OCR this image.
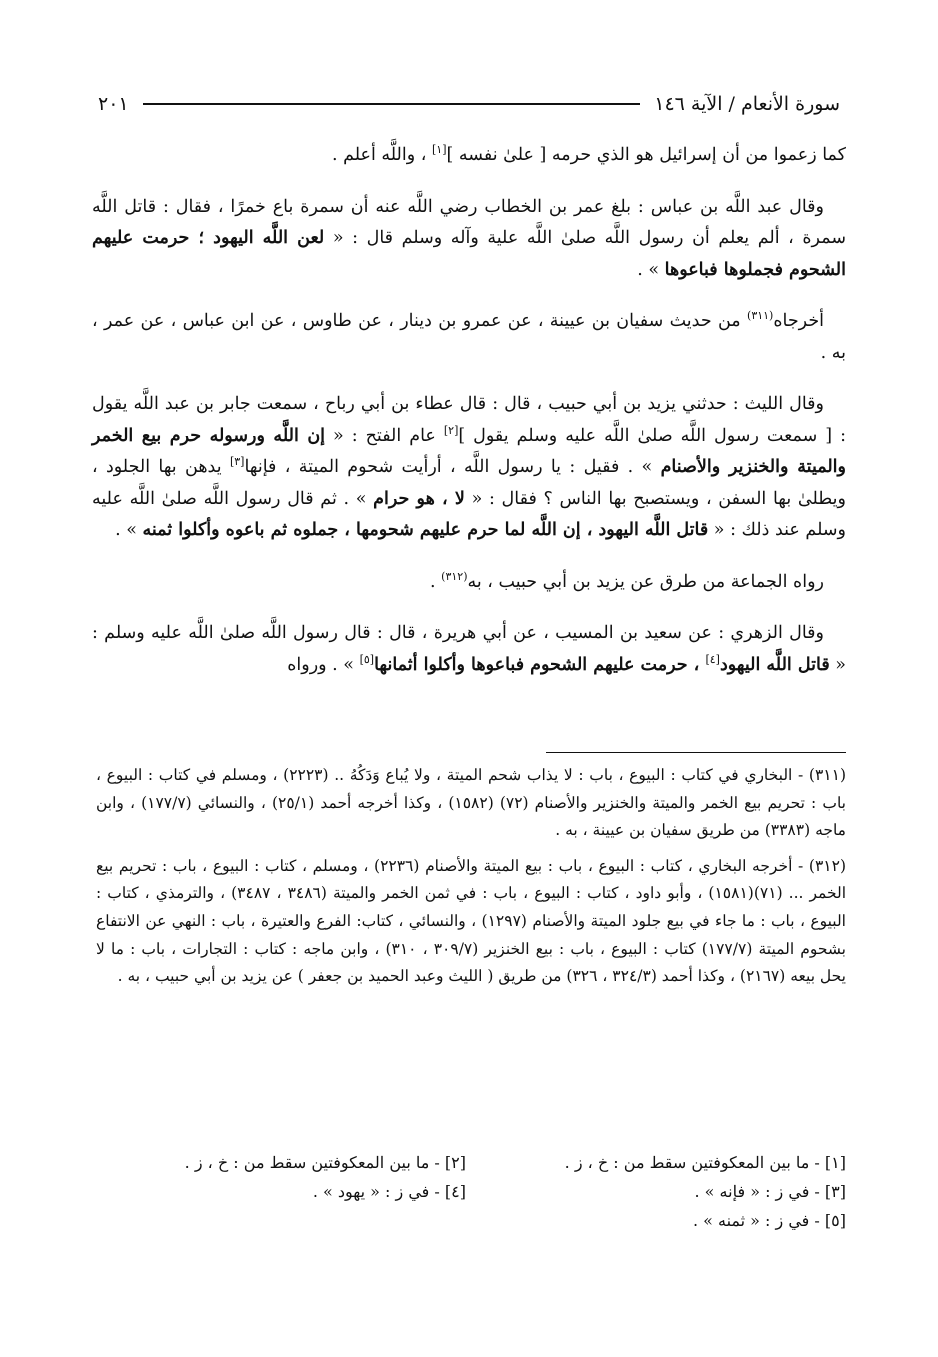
سورة الأنعام / الآية ١٤٦
٢٠١

كما زعموا من أن إسرائيل هو الذي حرمه [ علىٰ نفسه ][١] ، واللَّه أعلم .

وقال عبد اللَّه بن عباس : بلغ عمر بن الخطاب رضي اللَّه عنه أن سمرة باع خمرًا ، فقال : قاتل اللَّه سمرة ، ألم يعلم أن رسول اللَّه صلىٰ اللَّه علية وآله وسلم قال : « لعن اللَّه اليهود ؛ حرمت عليهم الشحوم فجملوها فباعوها » .

أخرجاه$^{(٣١١)}$ من حديث سفيان بن عيينة ، عن عمرو بن دينار ، عن طاوس ، عن ابن عباس ، عن عمر ، به .

وقال الليث : حدثني يزيد بن أبي حبيب ، قال : قال عطاء بن أبي رباح ، سمعت جابر بن عبد اللَّه يقول : [ سمعت رسول اللَّه صلىٰ اللَّه عليه وسلم يقول ][٢] عام الفتح : « إن اللَّه ورسوله حرم بيع الخمر والميتة والخنزير والأصنام » . فقيل : يا رسول اللَّه ، أرأيت شحوم الميتة ، فإنها[٣] يدهن بها الجلود ، ويطلىٰ بها السفن ، ويستصبح بها الناس ؟ فقال : « لا ، هو حرام » . ثم قال رسول اللَّه صلىٰ اللَّه عليه وسلم عند ذلك : « قاتل اللَّه اليهود ، إن اللَّه لما حرم عليهم شحومها ، جملوه ثم باعوه وأكلوا ثمنه » .

رواه الجماعة من طرق عن يزيد بن أبي حبيب ، به$^{(٣١٢)}$ .

وقال الزهري : عن سعيد بن المسيب ، عن أبي هريرة ، قال : قال رسول اللَّه صلىٰ اللَّه عليه وسلم : « قاتل اللَّه اليهود[٤] ، حرمت عليهم الشحوم فباعوها وأكلوا أثمانها[٥] » . ورواه

(٣١١) - البخاري في كتاب : البيوع ، باب : لا يذاب شحم الميتة ، ولا يُباع وَدَكُهُ .. (٢٢٢٣) ، ومسلم في كتاب : البيوع ، باب : تحريم بيع الخمر والميتة والخنزير والأصنام (٧٢) (١٥٨٢) ، وكذا أخرجه أحمد (٢٥/١) ، والنسائي (١٧٧/٧) ، وابن ماجه (٣٣٨٣) من طريق سفيان بن عيينة ، به .
(٣١٢) - أخرجه البخاري ، كتاب : البيوع ، باب : بيع الميتة والأصنام (٢٢٣٦) ، ومسلم ، كتاب : البيوع ، باب : تحريم بيع الخمر ... (٧١)(١٥٨١) ، وأبو داود ، كتاب : البيوع ، باب : في ثمن الخمر والميتة (٣٤٨٦ ، ٣٤٨٧) ، والترمذي ، كتاب : البيوع ، باب : ما جاء في بيع جلود الميتة والأصنام (١٢٩٧) ، والنسائي ، كتاب: الفرع والعتيرة ، باب : النهي عن الانتفاع بشحوم الميتة (١٧٧/٧) كتاب : البيوع ، باب : بيع الخنزير (٣٠٩/٧ ، ٣١٠) ، وابن ماجه : كتاب : التجارات ، باب : ما لا يحل بيعه (٢١٦٧) ، وكذا أحمد (٣٢٤/٣ ، ٣٢٦) من طريق ( الليث وعبد الحميد بن جعفر ) عن يزيد بن أبي حبيب ، به .
[١] - ما بين المعكوفتين سقط من : خ ، ز .
[٢] - ما بين المعكوفتين سقط من : خ ، ز .
[٣] - في ز : « فإنه » .
[٤] - في ز : « يهود » .
[٥] - في ز : « ثمنه » .
